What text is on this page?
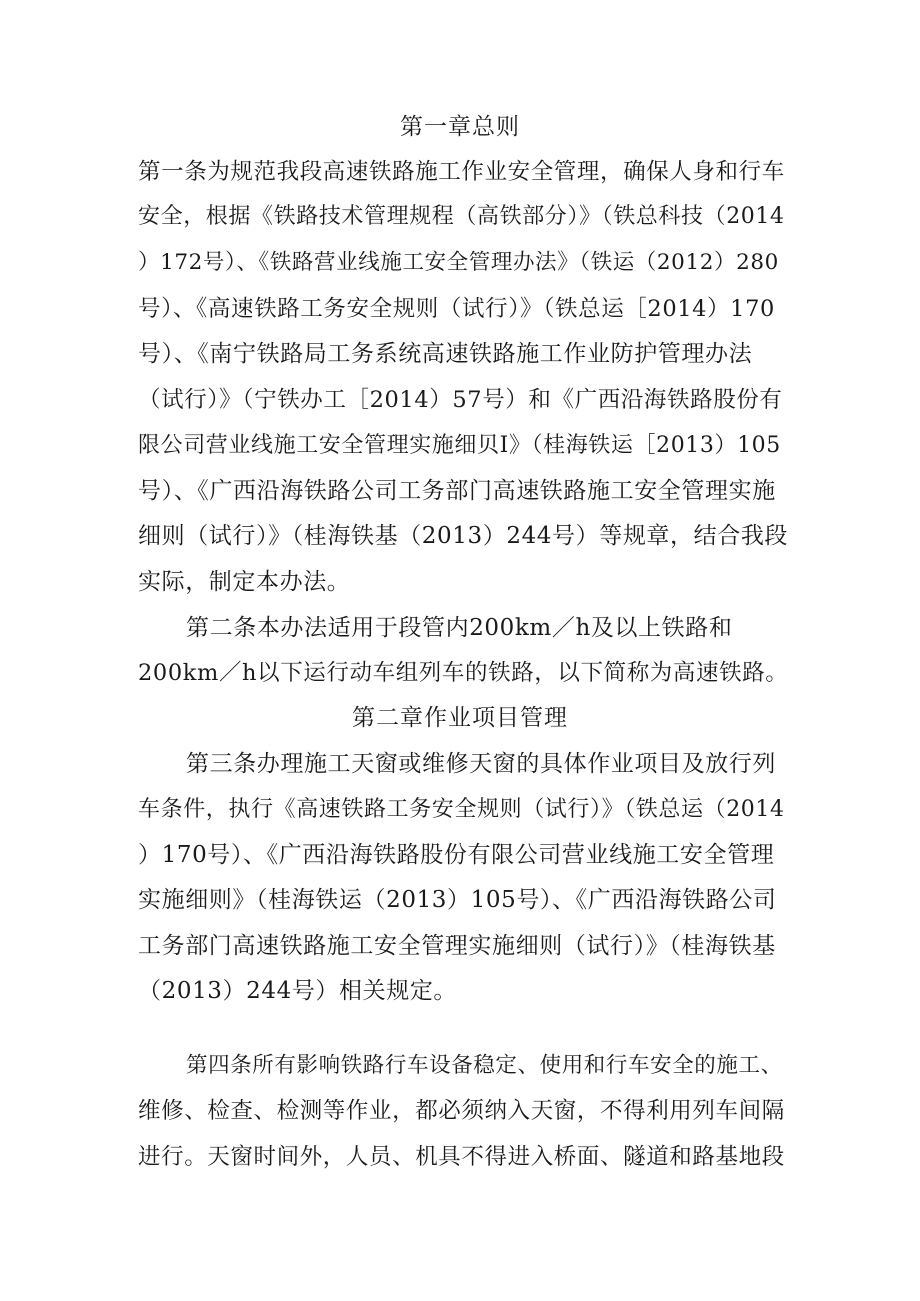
第一章总则
第一条为规范我段高速铁路施工作业安全管理，确保人身和行车
安全，根据《铁路技术管理规程（高铁部分）》（铁总科技（2014
）172号）、《铁路营业线施工安全管理办法》（铁运（2012）280
号）、《高速铁路工务安全规则（试行）》（铁总运［2014）170
号）、《南宁铁路局工务系统高速铁路施工作业防护管理办法
（试行）》（宁铁办工［2014）57号）和《广西沿海铁路股份有
限公司营业线施工安全管理实施细贝I》（桂海铁运［2013）105
号）、《广西沿海铁路公司工务部门高速铁路施工安全管理实施
细则（试行）》（桂海铁基（2013）244号）等规章，结合我段
实际，制定本办法。
第二条本办法适用于段管内200km／h及以上铁路和
200km／h以下运行动车组列车的铁路，以下简称为高速铁路。
第二章作业项目管理
第三条办理施工天窗或维修天窗的具体作业项目及放行列
车条件，执行《高速铁路工务安全规则（试行）》（铁总运（2014
）170号）、《广西沿海铁路股份有限公司营业线施工安全管理
实施细则》（桂海铁运（2013）105号）、《广西沿海铁路公司
工务部门高速铁路施工安全管理实施细则（试行）》（桂海铁基
（2013）244号）相关规定。
第四条所有影响铁路行车设备稳定、使用和行车安全的施工、
维修、检查、检测等作业，都必须纳入天窗，不得利用列车间隔
进行。天窗时间外，人员、机具不得进入桥面、隧道和路基地段
